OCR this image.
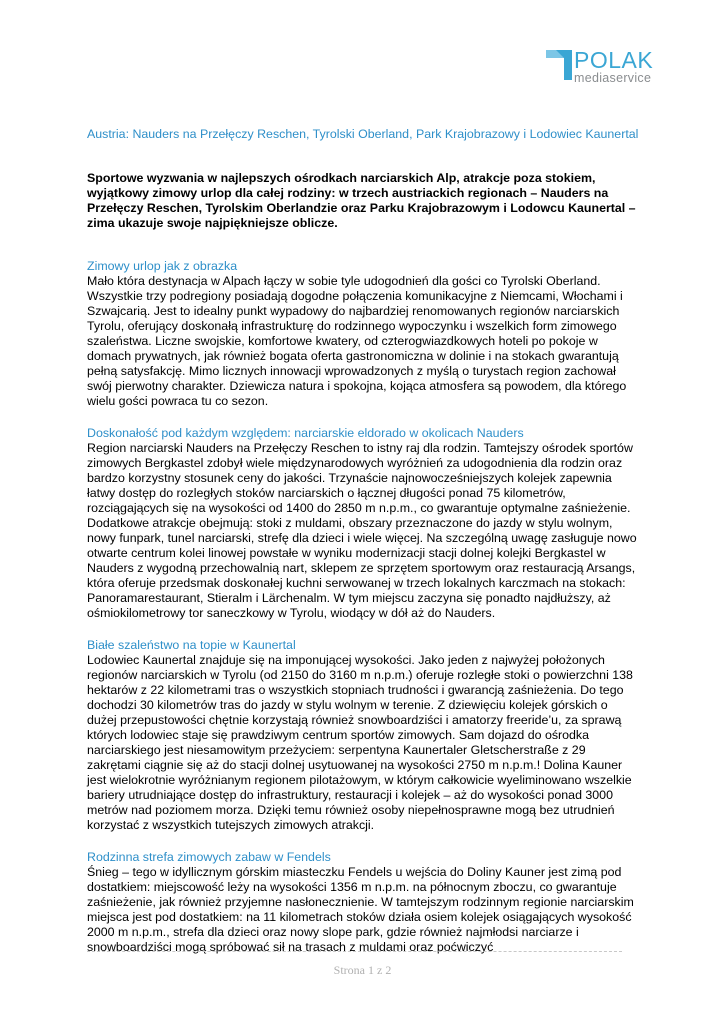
POLAK
mediaservice
Austria: Nauders na Przełęczy Reschen, Tyrolski Oberland, Park Krajobrazowy i Lodowiec Kaunertal

Sportowe wyzwania w najlepszych ośrodkach narciarskich Alp, atrakcje poza stokiem, wyjątkowy zimowy urlop dla całej rodziny: w trzech austriackich regionach – Nauders na Przełęczy Reschen, Tyrolskim Oberlandzie oraz Parku Krajobrazowym i Lodowcu Kaunertal – zima ukazuje swoje najpiękniejsze oblicze.

Zimowy urlop jak z obrazka

Mało która destynacja w Alpach łączy w sobie tyle udogodnień dla gości co Tyrolski Oberland. Wszystkie trzy podregiony posiadają dogodne połączenia komunikacyjne z Niemcami, Włochami i Szwajcarią. Jest to idealny punkt wypadowy do najbardziej renomowanych regionów narciarskich Tyrolu, oferujący doskonałą infrastrukturę do rodzinnego wypoczynku i wszelkich form zimowego szaleństwa. Liczne swojskie, komfortowe kwatery, od czterogwiazdkowych hoteli po pokoje w domach prywatnych, jak również bogata oferta gastronomiczna w dolinie i na stokach gwarantują pełną satysfakcję. Mimo licznych innowacji wprowadzonych z myślą o turystach region zachował swój pierwotny charakter. Dziewicza natura i spokojna, kojąca atmosfera są powodem, dla którego wielu gości powraca tu co sezon.

Doskonałość pod każdym względem: narciarskie eldorado w okolicach Nauders

Region narciarski Nauders na Przełęczy Reschen to istny raj dla rodzin. Tamtejszy ośrodek sportów zimowych Bergkastel zdobył wiele międzynarodowych wyróżnień za udogodnienia dla rodzin oraz bardzo korzystny stosunek ceny do jakości. Trzynaście najnowocześniejszych kolejek zapewnia łatwy dostęp do rozległych stoków narciarskich o łącznej długości ponad 75 kilometrów, rozciągających się na wysokości od 1400 do 2850 m n.p.m., co gwarantuje optymalne zaśnieżenie. Dodatkowe atrakcje obejmują: stoki z muldami, obszary przeznaczone do jazdy w stylu wolnym, nowy funpark, tunel narciarski, strefę dla dzieci i wiele więcej. Na szczególną uwagę zasługuje nowo otwarte centrum kolei linowej powstałe w wyniku modernizacji stacji dolnej kolejki Bergkastel w Nauders z wygodną przechowalnią nart, sklepem ze sprzętem sportowym oraz restauracją Arsangs, która oferuje przedsmak doskonałej kuchni serwowanej w trzech lokalnych karczmach na stokach: Panoramarestaurant, Stieralm i Lärchenalm. W tym miejscu zaczyna się ponadto najdłuższy, aż ośmiokilometrowy tor saneczkowy w Tyrolu, wiodący w dół aż do Nauders.

Białe szaleństwo na topie w Kaunertal

Lodowiec Kaunertal znajduje się na imponującej wysokości. Jako jeden z najwyżej położonych regionów narciarskich w Tyrolu (od 2150 do 3160 m n.p.m.) oferuje rozległe stoki o powierzchni 138 hektarów z 22 kilometrami tras o wszystkich stopniach trudności i gwarancją zaśnieżenia. Do tego dochodzi 30 kilometrów tras do jazdy w stylu wolnym w terenie. Z dziewięciu kolejek górskich o dużej przepustowości chętnie korzystają również snowboardziści i amatorzy freeride’u, za sprawą których lodowiec staje się prawdziwym centrum sportów zimowych. Sam dojazd do ośrodka narciarskiego jest niesamowitym przeżyciem: serpentyna Kaunertaler Gletscherstraße z 29 zakrętami ciągnie się aż do stacji dolnej usytuowanej na wysokości 2750 m n.p.m.! Dolina Kauner jest wielokrotnie wyróżnianym regionem pilotażowym, w którym całkowicie wyeliminowano wszelkie bariery utrudniające dostęp do infrastruktury, restauracji i kolejek – aż do wysokości ponad 3000 metrów nad poziomem morza. Dzięki temu również osoby niepełnosprawne mogą bez utrudnień korzystać z wszystkich tutejszych zimowych atrakcji.

Rodzinna strefa zimowych zabaw w Fendels

Śnieg – tego w idyllicznym górskim miasteczku Fendels u wejścia do Doliny Kauner jest zimą pod dostatkiem: miejscowość leży na wysokości 1356 m n.p.m. na północnym zboczu, co gwarantuje zaśnieżenie, jak również przyjemne nasłonecznienie. W tamtejszym rodzinnym regionie narciarskim miejsca jest pod dostatkiem: na 11 kilometrach stoków działa osiem kolejek osiągających wysokość 2000 m n.p.m., strefa dla dzieci oraz nowy slope park, gdzie również najmłodsi narciarze i snowboardziści mogą spróbować sił na trasach z muldami oraz poćwiczyć

Strona 1 z 2
